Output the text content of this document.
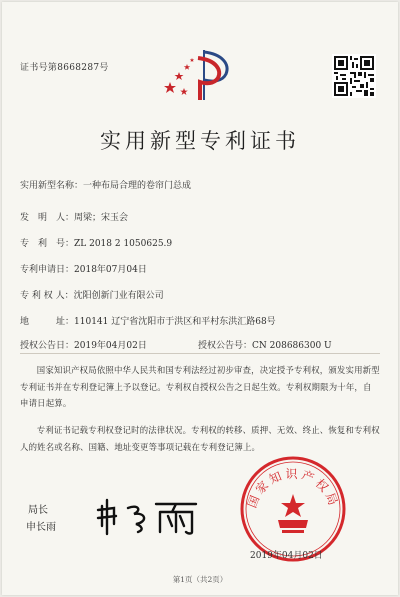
证书号第8668287号
实用新型专利证书
实用新型名称：一种布局合理的卷帘门总成
发　明　人：周梁；宋玉会
专　利　号：ZL 2018 2 1050625.9
专利申请日：2018年07月04日
专 利 权 人：沈阳创新门业有限公司
地　　　址：110141 辽宁省沈阳市于洪区和平村东洪汇路68号
授权公告日：2019年04月02日	授权公告号：CN 208686300 U
国家知识产权局依照中华人民共和国专利法经过初步审查，决定授予专利权，颁发实用新型专利证书并在专利登记簿上予以登记。专利权自授权公告之日起生效。专利权期限为十年，自申请日起算。
专利证书记载专利权登记时的法律状况。专利权的转移、质押、无效、终止、恢复和专利权人的姓名或名称、国籍、地址变更等事项记载在专利登记簿上。
局长
申长雨
国家知识产权局
2019年04月02日
第1页（共2页）
